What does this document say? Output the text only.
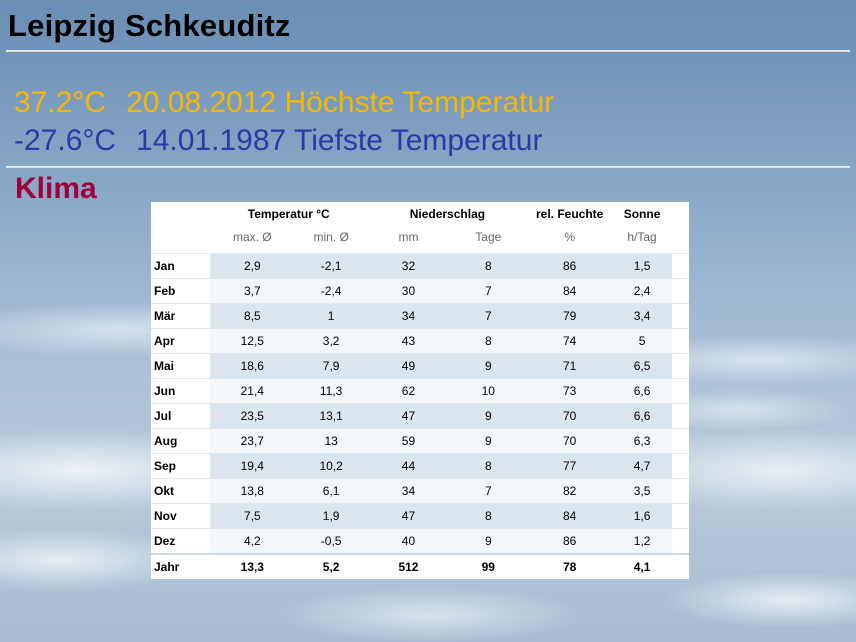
Leipzig Schkeuditz
37.2°C 20.08.2012 Höchste Temperatur
-27.6°C 14.01.1987 Tiefste Temperatur
Klima
	Temperatur °C		Niederschlag		rel. Feuchte	Sonne	
	max. Ø	min. Ø	mm	Tage	%	h/Tag	

Jan	2,9	-2,1	32	8	86	1,5	
Feb	3,7	-2,4	30	7	84	2,4	
Mär	8,5	1	34	7	79	3,4	
Apr	12,5	3,2	43	8	74	5	
Mai	18,6	7,9	49	9	71	6,5	
Jun	21,4	11,3	62	10	73	6,6	
Jul	23,5	13,1	47	9	70	6,6	
Aug	23,7	13	59	9	70	6,3	
Sep	19,4	10,2	44	8	77	4,7	
Okt	13,8	6,1	34	7	82	3,5	
Nov	7,5	1,9	47	8	84	1,6	
Dez	4,2	-0,5	40	9	86	1,2	
Jahr	13,3	5,2	512	99	78	4,1	
